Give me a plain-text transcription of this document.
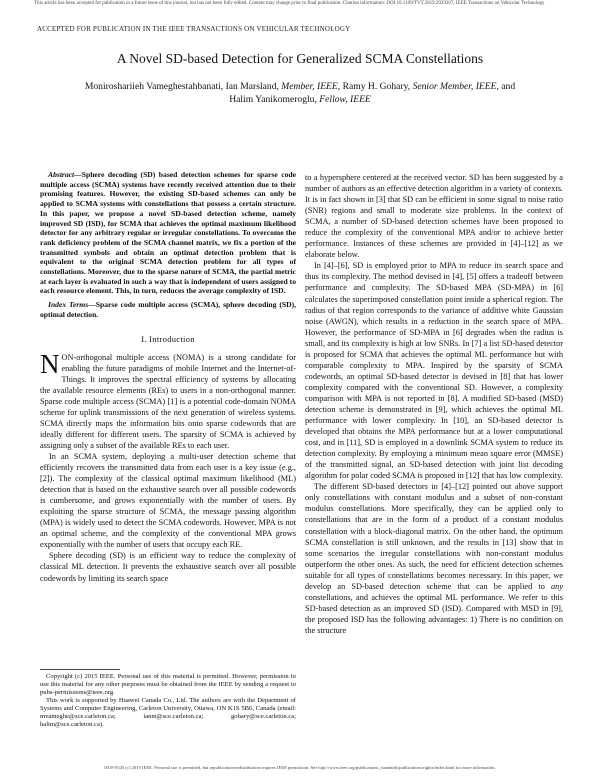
This article has been accepted for publication in a future issue of this journal, but has not been fully edited. Content may change prior to final publication. Citation information: DOI 10.1109/TVT.2019.2929207, IEEE Transactions on Vehicular Technology
ACCEPTED FOR PUBLICATION IN THE IEEE TRANSACTIONS ON VEHICULAR TECHNOLOGY
A Novel SD-based Detection for Generalized SCMA Constellations
Moniroshariieh Vameghestahbanati, Ian Marsland, Member, IEEE, Ramy H. Gohary, Senior Member, IEEE, and
Halim Yanikomeroglu, Fellow, IEEE

Abstract—Sphere decoding (SD) based detection schemes for sparse code multiple access (SCMA) systems have recently received attention due to their promising features. However, the existing SD-based schemes can only be applied to SCMA systems with constellations that possess a certain structure. In this paper, we propose a novel SD-based detection scheme, namely improved SD (ISD), for SCMA that achieves the optimal maximum likelihood detector for any arbitrary regular or irregular constellations. To overcome the rank deficiency problem of the SCMA channel matrix, we fix a portion of the transmitted symbols and obtain an optimal detection problem that is equivalent to the original SCMA detection problem for all types of constellations. Moreover, due to the sparse nature of SCMA, the partial metric at each layer is evaluated in such a way that is independent of users assigned to each resource element. This, in turn, reduces the average complexity of ISD.

Index Terms—Sparse code multiple access (SCMA), sphere decoding (SD), optimal detection.

I. Introduction

NON-orthogonal multiple access (NOMA) is a strong candidate for enabling the future paradigms of mobile Internet and the Internet-of-Things. It improves the spectral efficiency of systems by allocating the available resource elements (REs) to users in a non-orthogonal manner. Sparse code multiple access (SCMA) [1] is a potential code-domain NOMA scheme for uplink transmissions of the next generation of wireless systems. SCMA directly maps the information bits onto sparse codewords that are ideally different for different users. The sparsity of SCMA is achieved by assigning only a subset of the available REs to each user.

In an SCMA system, deploying a multi-user detection scheme that efficiently recovers the transmitted data from each user is a key issue (e.g., [2]). The complexity of the classical optimal maximum likelihood (ML) detection that is based on the exhaustive search over all possible codewords is cumbersome, and grows exponentially with the number of users. By exploiting the sparse structure of SCMA, the message passing algorithm (MPA) is widely used to detect the SCMA codewords. However, MPA is not an optimal scheme, and the complexity of the conventional MPA grows exponentially with the number of users that occupy each RE.

Sphere decoding (SD) is an efficient way to reduce the complexity of classical ML detection. It prevents the exhaustive search over all possible codewords by limiting its search space

Copyright (c) 2015 IEEE. Personal use of this material is permitted. However, permission to use this material for any other purposes must be obtained from the IEEE by sending a request to pubs-permissions@ieee.org.

This work is supported by Huawei Canada Co., Ltd. The authors are with the Department of Systems and Computer Engineering, Carleton University, Ottawa, ON K1S 5B6, Canada (email: mvameghe@sce.carleton.ca; ianm@sce.carleton.ca; gohary@sce.carleton.ca; halim@sce.carleton.ca).

to a hypersphere centered at the received vector. SD has been suggested by a number of authors as an effective detection algorithm in a variety of contexts. It is in fact shown in [3] that SD can be efficient in some signal to noise ratio (SNR) regions and small to moderate size problems. In the context of SCMA, a number of SD-based detection schemes have been proposed to reduce the complexity of the conventional MPA and/or to achieve better performance. Instances of these schemes are provided in [4]–[12] as we elaborate below.

In [4]–[6], SD is employed prior to MPA to reduce its search space and thus its complexity. The method devised in [4], [5] offers a tradeoff between performance and complexity. The SD-based MPA (SD-MPA) in [6] calculates the superimposed constellation point inside a spherical region. The radius of that region corresponds to the variance of additive white Gaussian noise (AWGN), which results in a reduction in the search space of MPA. However, the performance of SD-MPA in [6] degrades when the radius is small, and its complexity is high at low SNRs. In [7] a list SD-based detector is proposed for SCMA that achieves the optimal ML performance but with comparable complexity to MPA. Inspired by the sparsity of SCMA codewords, an optimal SD-based detector is devised in [8] that has lower complexity compared with the conventional SD. However, a complexity comparison with MPA is not reported in [8]. A modified SD-based (MSD) detection scheme is demonstrated in [9], which achieves the optimal ML performance with lower complexity. In [10], an SD-based detector is developed that obtains the MPA performance but at a lower computational cost, and in [11], SD is employed in a downlink SCMA system to reduce its detection complexity. By employing a minimum mean square error (MMSE) of the transmitted signal, an SD-based detection with joint list decoding algorithm for polar coded SCMA is proposed in [12] that has low complexity.

The different SD-based detectors in [4]–[12] pointed out above support only constellations with constant modulus and a subset of non-constant modulus constellations. More specifically, they can be applied only to constellations that are in the form of a product of a constant modulus constellation with a block-diagonal matrix. On the other hand, the optimum SCMA constellation is still unknown, and the results in [13] show that in some scenarios the irregular constellations with non-constant modulus outperform the other ones. As such, the need for efficient detection schemes suitable for all types of constellations becomes necessary. In this paper, we develop an SD-based detection scheme that can be applied to any constellations, and achieves the optimal ML performance. We refer to this SD-based detection as an improved SD (ISD). Compared with MSD in [9], the proposed ISD has the following advantages: 1) There is no condition on the structure

0018-9545 (c) 2019 IEEE. Personal use is permitted, but republication/redistribution requires IEEE permission. See http://www.ieee.org/publications_standards/publications/rights/index.html for more information.
